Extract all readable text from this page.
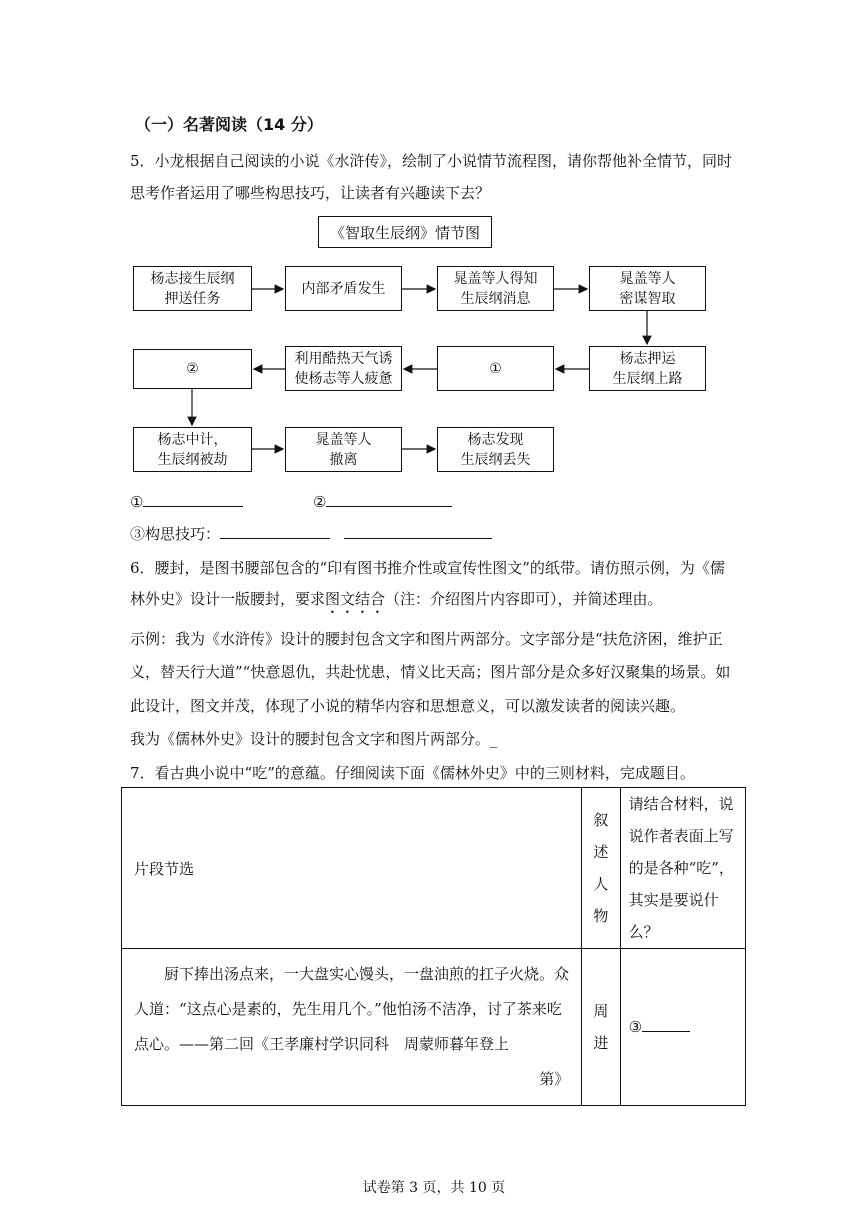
（一）名著阅读（14 分）
5．小龙根据自己阅读的小说《水浒传》，绘制了小说情节流程图，请你帮他补全情节，同时
思考作者运用了哪些构思技巧，让读者有兴趣读下去？
《智取生辰纲》情节图
杨志接生辰纲
押送任务
内部矛盾发生
晁盖等人得知
生辰纲消息
晁盖等人
密谋智取
杨志押运
生辰纲上路
①
利用酷热天气诱
使杨志等人疲惫
②
杨志中计，
生辰纲被劫
晁盖等人
撤离
杨志发现
生辰纲丢失
①	②
③构思技巧：
6．腰封，是图书腰部包含的“印有图书推介性或宣传性图文”的纸带。请仿照示例，为《儒
林外史》设计一版腰封，要求图文结合（注：介绍图片内容即可），并简述理由。
示例：我为《水浒传》设计的腰封包含文字和图片两部分。文字部分是“扶危济困，维护正
义，替天行大道”“快意恩仇，共赴忧患，情义比天高；图片部分是众多好汉聚集的场景。如
此设计，图文并茂，体现了小说的精华内容和思想意义，可以激发读者的阅读兴趣。
我为《儒林外史》设计的腰封包含文字和图片两部分。_
7．看古典小说中“吃”的意蕴。仔细阅读下面《儒林外史》中的三则材料，完成题目。
片段节选	叙
述
人
物	请结合材料，说说作者表面上写的是各种“吃”，其实是要说什么？
厨下捧出汤点来，一大盘实心馒头，一盘油煎的扛子火烧。众人道：“这点心是素的，先生用几个。”他怕汤不洁净，讨了茶来吃点心。——第二回《王孝廉村学识同科　周蒙师暮年登上
第》	周
进	③
试卷第 3 页，共 10 页
